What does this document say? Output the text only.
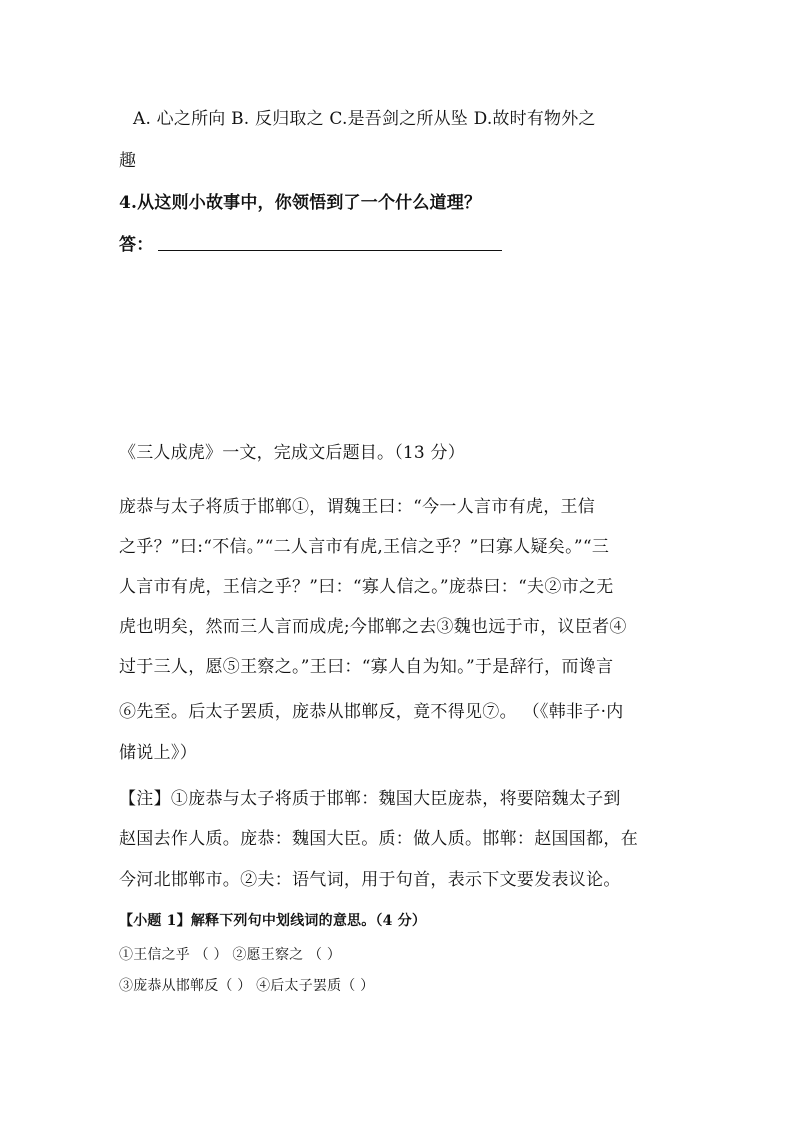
A. 心之所向 B. 反归取之 C.是吾剑之所从坠 D.故时有物外之
趣
4.从这则小故事中，你领悟到了一个什么道理？
答：
《三人成虎》一文，完成文后题目。（13 分）
庞恭与太子将质于邯郸①，谓魏王曰：“今一人言市有虎，王信
之乎？”曰:“不信。”“二人言市有虎,王信之乎？”曰寡人疑矣。”“三
人言市有虎，王信之乎？”曰：“寡人信之。”庞恭曰：“夫②市之无
虎也明矣，然而三人言而成虎;今邯郸之去③魏也远于市，议臣者④
过于三人，愿⑤王察之。”王曰：“寡人自为知。”于是辞行，而谗言
⑥先至。后太子罢质，庞恭从邯郸反，竟不得见⑦。 （《韩非子·内
储说上》）
【注】①庞恭与太子将质于邯郸：魏国大臣庞恭，将要陪魏太子到
赵国去作人质。庞恭：魏国大臣。质：做人质。邯郸：赵国国都，在
今河北邯郸市。②夫：语气词，用于句首，表示下文要发表议论。
【小题 1】解释下列句中划线词的意思。（4 分）
①王信之乎 （ ） ②愿王察之 （ ）
③庞恭从邯郸反（ ） ④后太子罢质（ ）
